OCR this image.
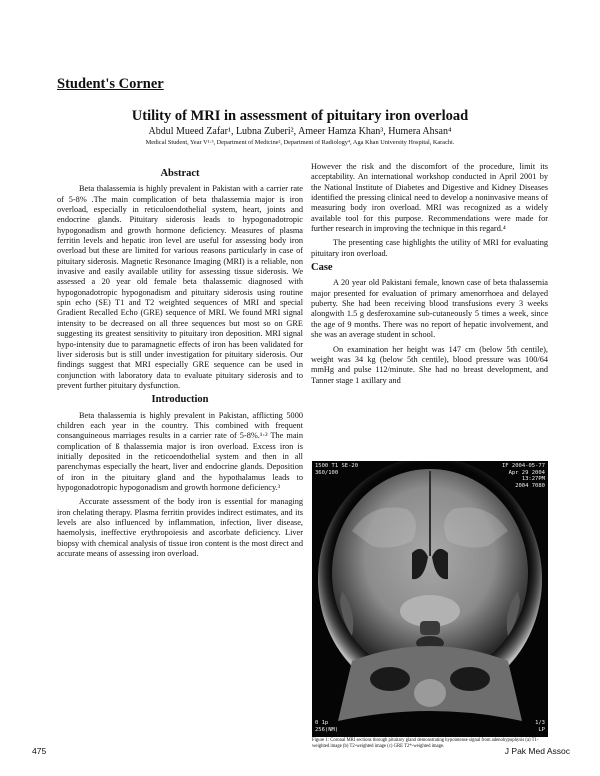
Student's Corner
Utility of MRI in assessment of pituitary iron overload
Abdul Mueed Zafar¹, Lubna Zuberi², Ameer Hamza Khan³, Humera Ahsan⁴
Medical Student, Year V¹·³, Department of Medicine², Department of Radiology⁴, Aga Khan University Hospital, Karachi.
Abstract

Beta thalassemia is highly prevalent in Pakistan with a carrier rate of 5-8% .The main complication of beta thalassemia major is iron overload, especially in reticuloendothelial system, heart, joints and endocrine glands. Pituitary siderosis leads to hypogonadotropic hypogonadism and growth hormone deficiency. Measures of plasma ferritin levels and hepatic iron level are useful for assessing body iron overload but these are limited for various reasons particularly in case of pituitary siderosis. Magnetic Resonance Imaging (MRI) is a reliable, non invasive and easily available utility for assessing tissue siderosis. We assessed a 20 year old female beta thalassemic diagnosed with hypogonadotropic hypogonadism and pituitary siderosis using routine spin echo (SE) T1 and T2 weighted sequences of MRI and special Gradient Recalled Echo (GRE) sequence of MRI. We found MRI signal intensity to be decreased on all three sequences but most so on GRE suggesting its greatest sensitivity to pituitary iron deposition. MRI signal hypo-intensity due to paramagnetic effects of iron has been validated for liver siderosis but is still under investigation for pituitary siderosis. Our findings suggest that MRI especially GRE sequence can be used in conjunction with laboratory data to evaluate pituitary siderosis and to prevent further pituitary dysfunction.

Introduction

Beta thalassemia is highly prevalent in Pakistan, afflicting 5000 children each year in the country. This combined with frequent consanguineous marriages results in a carrier rate of 5-8%.¹·² The main complication of ß thalassemia major is iron overload. Excess iron is initially deposited in the reticoendothelial system and then in all parenchymas especially the heart, liver and endocrine glands. Deposition of iron in the pituitary gland and the hypothalamus leads to hypogonadotropic hypogonadism and growth hormone deficiency.³

Accurate assessment of the body iron is essential for managing iron chelating therapy. Plasma ferritin provides indirect estimates, and its levels are also influenced by inflammation, infection, liver disease, haemolysis, ineffective erythropoiesis and ascorbate deficiency. Liver biopsy with chemical analysis of tissue iron content is the most direct and accurate means of assessing iron overload.

However the risk and the discomfort of the procedure, limit its acceptability. An international workshop conducted in April 2001 by the National Institute of Diabetes and Digestive and Kidney Diseases identified the pressing clinical need to develop a noninvasive means of measuring body iron overload. MRI was recognized as a widely available tool for this purpose. Recommendations were made for further research in improving the technique in this regard.⁴

The presenting case highlights the utility of MRI for evaluating pituitary iron overload.

Case

A 20 year old Pakistani female, known case of beta thalassemia major presented for evaluation of primary amenorrhoea and delayed puberty. She had been receiving blood transfusions every 3 weeks alongwith 1.5 g desferoxamine sub-cutaneously 5 times a week, since the age of 9 months. There was no report of hepatic involvement, and she was an average student in school.

On examination her height was 147 cm (below 5th centile), weight was 34 kg (below 5th centile), blood pressure was 100/64 mmHg and pulse 112/minute. She had no breast development, and Tanner stage 1 axillary and

1500 T1 SE-20
360/100
IF 2004-05-77
Apr 29 2004
13:27PM
2004 7080
0 1p
256(NM)
1/3
LP
Figure 1: Coronal MRI sections through pituitary gland demonstrating hypointense signal from adenohypophysis (a) T1-weighted image (b) T2-weighted image (c) GRE T2*-weighted image.
475	J Pak Med Assoc
